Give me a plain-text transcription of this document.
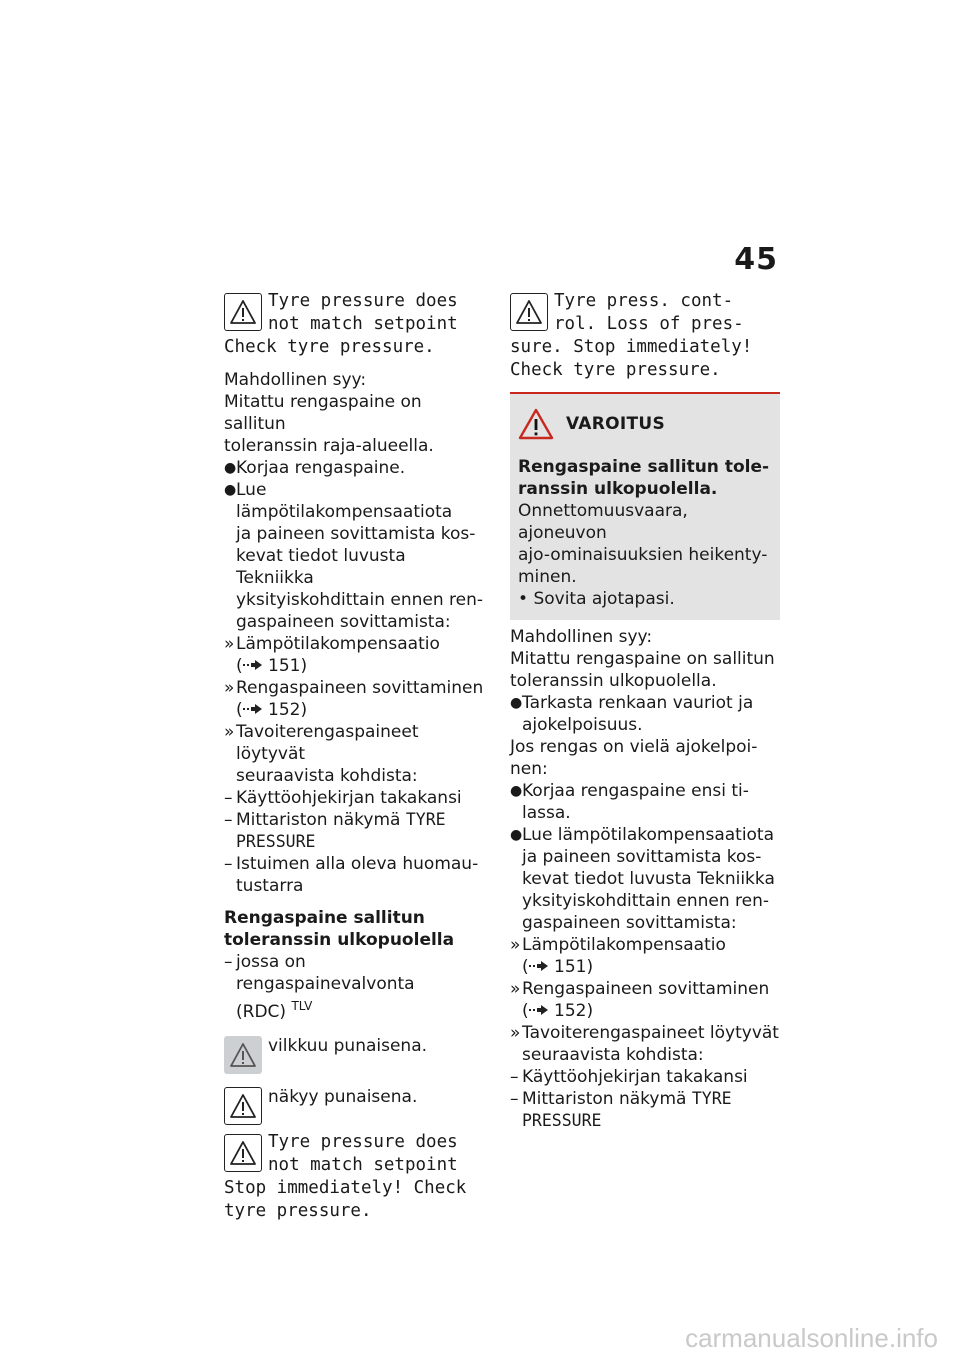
45

Tyre pressure does

not match setpoint

Check tyre pressure.

Mahdollinen syy:

Mitattu rengaspaine on sallitun

toleranssin raja-alueella.

● Korjaa rengaspaine.
● Lue lämpötilakompensaatiota
ja paineen sovittamista kos-
kevat tiedot luvusta Tekniikka
yksityiskohdittain ennen ren-
gaspaineen sovittamista:
» Lämpötilakompensaatio
( 151)
» Rengaspaineen sovittaminen
( 152)
» Tavoiterengaspaineet löytyvät
seuraavista kohdista:
– Käyttöohjekirjan takakansi
– Mittariston näkymä TYRE
PRESSURE
– Istuimen alla oleva huomau-
tustarra

Rengaspaine sallitun

toleranssin ulkopuolella

– jossa on rengaspainevalvonta
(RDC) $^{TLV}$
vilkkuu punaisena.
näkyy punaisena.

Tyre pressure does

not match setpoint

Stop immediately! Check

tyre pressure.

Tyre press. cont-

rol. Loss of pres-

sure. Stop immediately!

Check tyre pressure.

VAROITUS

Rengaspaine sallitun tole-

ranssin ulkopuolella.

Onnettomuusvaara, ajoneuvon

ajo-ominaisuuksien heikenty-

minen.

• Sovita ajotapasi.

Mahdollinen syy:

Mitattu rengaspaine on sallitun

toleranssin ulkopuolella.

● Tarkasta renkaan vauriot ja
ajokelpoisuus.

Jos rengas on vielä ajokelpoi-

nen:

● Korjaa rengaspaine ensi ti-
lassa.
● Lue lämpötilakompensaatiota
ja paineen sovittamista kos-
kevat tiedot luvusta Tekniikka
yksityiskohdittain ennen ren-
gaspaineen sovittamista:
» Lämpötilakompensaatio
( 151)
» Rengaspaineen sovittaminen
( 152)
» Tavoiterengaspaineet löytyvät
seuraavista kohdista:
– Käyttöohjekirjan takakansi
– Mittariston näkymä TYRE
PRESSURE
carmanualsonline.info
